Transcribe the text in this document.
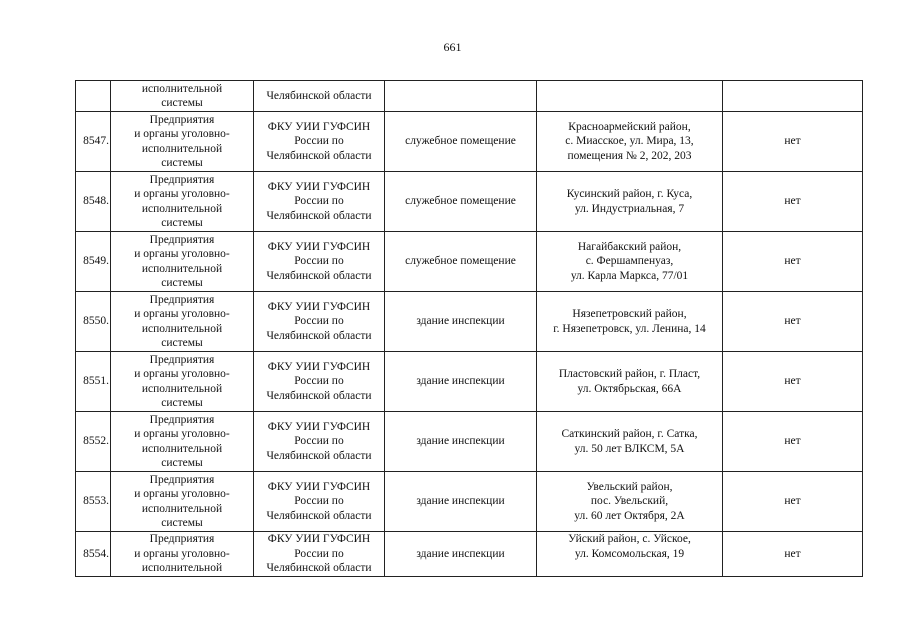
661

	исполнительной
системы	Челябинской области			

8547.	Предприятия
и органы уголовно-
исполнительной
системы	ФКУ УИИ ГУФСИН
России по
Челябинской области	служебное помещение	Красноармейский район,
с. Миасское, ул. Мира, 13,
помещения № 2, 202, 203	нет
8548.	Предприятия
и органы уголовно-
исполнительной
системы	ФКУ УИИ ГУФСИН
России по
Челябинской области	служебное помещение	Кусинский район, г. Куса,
ул. Индустриальная, 7	нет
8549.	Предприятия
и органы уголовно-
исполнительной
системы	ФКУ УИИ ГУФСИН
России по
Челябинской области	служебное помещение	Нагайбакский район,
с. Фершампенуаз,
ул. Карла Маркса, 77/01	нет
8550.	Предприятия
и органы уголовно-
исполнительной
системы	ФКУ УИИ ГУФСИН
России по
Челябинской области	здание инспекции	Нязепетровский район,
г. Нязепетровск, ул. Ленина, 14	нет
8551.	Предприятия
и органы уголовно-
исполнительной
системы	ФКУ УИИ ГУФСИН
России по
Челябинской области	здание инспекции	Пластовский район, г. Пласт,
ул. Октябрьская, 66А	нет
8552.	Предприятия
и органы уголовно-
исполнительной
системы	ФКУ УИИ ГУФСИН
России по
Челябинской области	здание инспекции	Саткинский район, г. Сатка,
ул. 50 лет ВЛКСМ, 5А	нет
8553.	Предприятия
и органы уголовно-
исполнительной
системы	ФКУ УИИ ГУФСИН
России по
Челябинской области	здание инспекции	Увельский район,
пос. Увельский,
ул. 60 лет Октября, 2А	нет
8554.	Предприятия
и органы уголовно-
исполнительной	ФКУ УИИ ГУФСИН
России по
Челябинской области	здание инспекции	Уйский район, с. Уйское,
ул. Комсомольская, 19	нет
